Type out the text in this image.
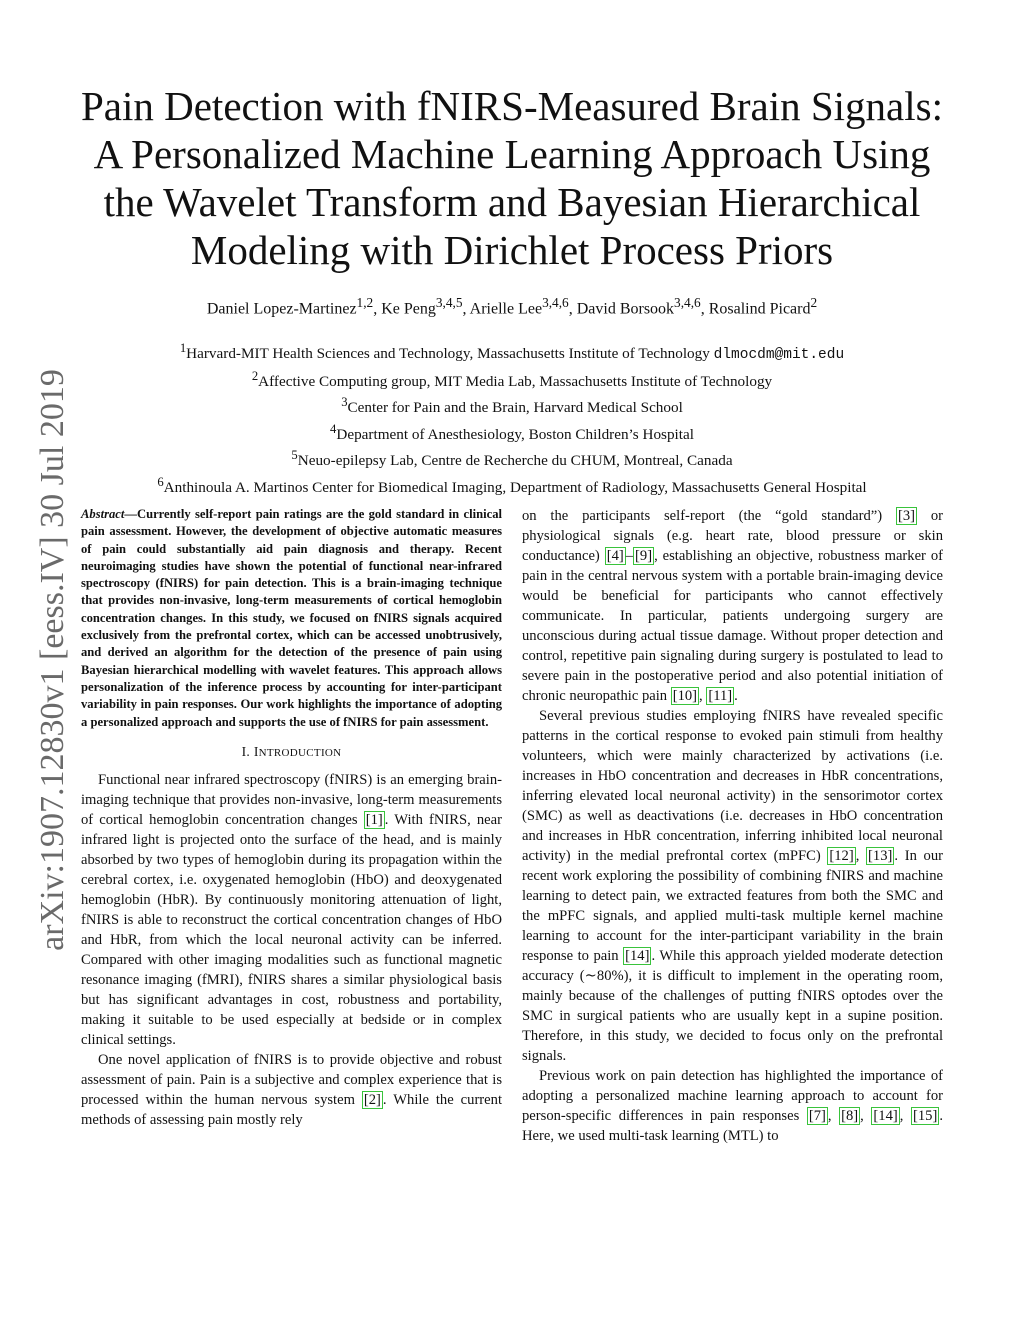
Pain Detection with fNIRS-Measured Brain Signals:
A Personalized Machine Learning Approach Using
the Wavelet Transform and Bayesian Hierarchical
Modeling with Dirichlet Process Priors
Daniel Lopez-Martinez$^{1,2}$, Ke Peng$^{3,4,5}$, Arielle Lee$^{3,4,6}$, David Borsook$^{3,4,6}$, Rosalind Picard$^2$
$^1$Harvard-MIT Health Sciences and Technology, Massachusetts Institute of Technology dlmocdm@mit.edu
$^2$Affective Computing group, MIT Media Lab, Massachusetts Institute of Technology
$^3$Center for Pain and the Brain, Harvard Medical School
$^4$Department of Anesthesiology, Boston Children’s Hospital
$^5$Neuo-epilepsy Lab, Centre de Recherche du CHUM, Montreal, Canada
$^6$Anthinoula A. Martinos Center for Biomedical Imaging, Department of Radiology, Massachusetts General Hospital
arXiv:1907.12830v1 [eess.IV] 30 Jul 2019 Abstract—Currently self-report pain ratings are the gold standard in clinical pain assessment. However, the development of objective automatic measures of pain could substantially aid pain diagnosis and therapy. Recent neuroimaging studies have shown the potential of functional near-infrared spectroscopy (fNIRS) for pain detection. This is a brain-imaging technique that provides non-invasive, long-term measurements of cortical hemoglobin concentration changes. In this study, we focused on fNIRS signals acquired exclusively from the prefrontal cortex, which can be accessed unobtrusively, and derived an algorithm for the detection of the presence of pain using Bayesian hierarchical modelling with wavelet features. This approach allows personalization of the inference process by accounting for inter-participant variability in pain responses. Our work highlights the importance of adopting a personalized approach and supports the use of fNIRS for pain assessment.

I. INTRODUCTION

Functional near infrared spectroscopy (fNIRS) is an emerging brain-imaging technique that provides non-invasive, long-term measurements of cortical hemoglobin concentration changes [1] . With fNIRS, near infrared light is projected onto the surface of the head, and is mainly absorbed by two types of hemoglobin during its propagation within the cerebral cortex, i.e. oxygenated hemoglobin (HbO) and deoxygenated hemoglobin (HbR). By continuously monitoring attenuation of light, fNIRS is able to reconstruct the cortical concentration changes of HbO and HbR, from which the local neuronal activity can be inferred. Compared with other imaging modalities such as functional magnetic resonance imaging (fMRI), fNIRS shares a similar physiological basis but has significant advantages in cost, robustness and portability, making it suitable to be used especially at bedside or in complex clinical settings.

One novel application of fNIRS is to provide objective and robust assessment of pain. Pain is a subjective and complex experience that is processed within the human nervous system [2] . While the current methods of assessing pain mostly rely

on the participants self-report (the “gold standard”) [3] or physiological signals (e.g. heart rate, blood pressure or skin conductance) [4] – [9] , establishing an objective, robustness marker of pain in the central nervous system with a portable brain-imaging device would be beneficial for participants who cannot effectively communicate. In particular, patients undergoing surgery are unconscious during actual tissue damage. Without proper detection and control, repetitive pain signaling during surgery is postulated to lead to severe pain in the postoperative period and also potential initiation of chronic neuropathic pain [10] , [11] .

Several previous studies employing fNIRS have revealed specific patterns in the cortical response to evoked pain stimuli from healthy volunteers, which were mainly characterized by activations (i.e. increases in HbO concentration and decreases in HbR concentrations, inferring elevated local neuronal activity) in the sensorimotor cortex (SMC) as well as deactivations (i.e. decreases in HbO concentration and increases in HbR concentration, inferring inhibited local neuronal activity) in the medial prefrontal cortex (mPFC) [12] , [13] . In our recent work exploring the possibility of combining fNIRS and machine learning to detect pain, we extracted features from both the SMC and the mPFC signals, and applied multi-task multiple kernel machine learning to account for the inter-participant variability in the brain response to pain [14] . While this approach yielded moderate detection accuracy (∼80%), it is difficult to implement in the operating room, mainly because of the challenges of putting fNIRS optodes over the SMC in surgical patients who are usually kept in a supine position. Therefore, in this study, we decided to focus only on the prefrontal signals.

Previous work on pain detection has highlighted the importance of adopting a personalized machine learning approach to account for person-specific differences in pain responses [7] , [8] , [14] , [15] . Here, we used multi-task learning (MTL) to
